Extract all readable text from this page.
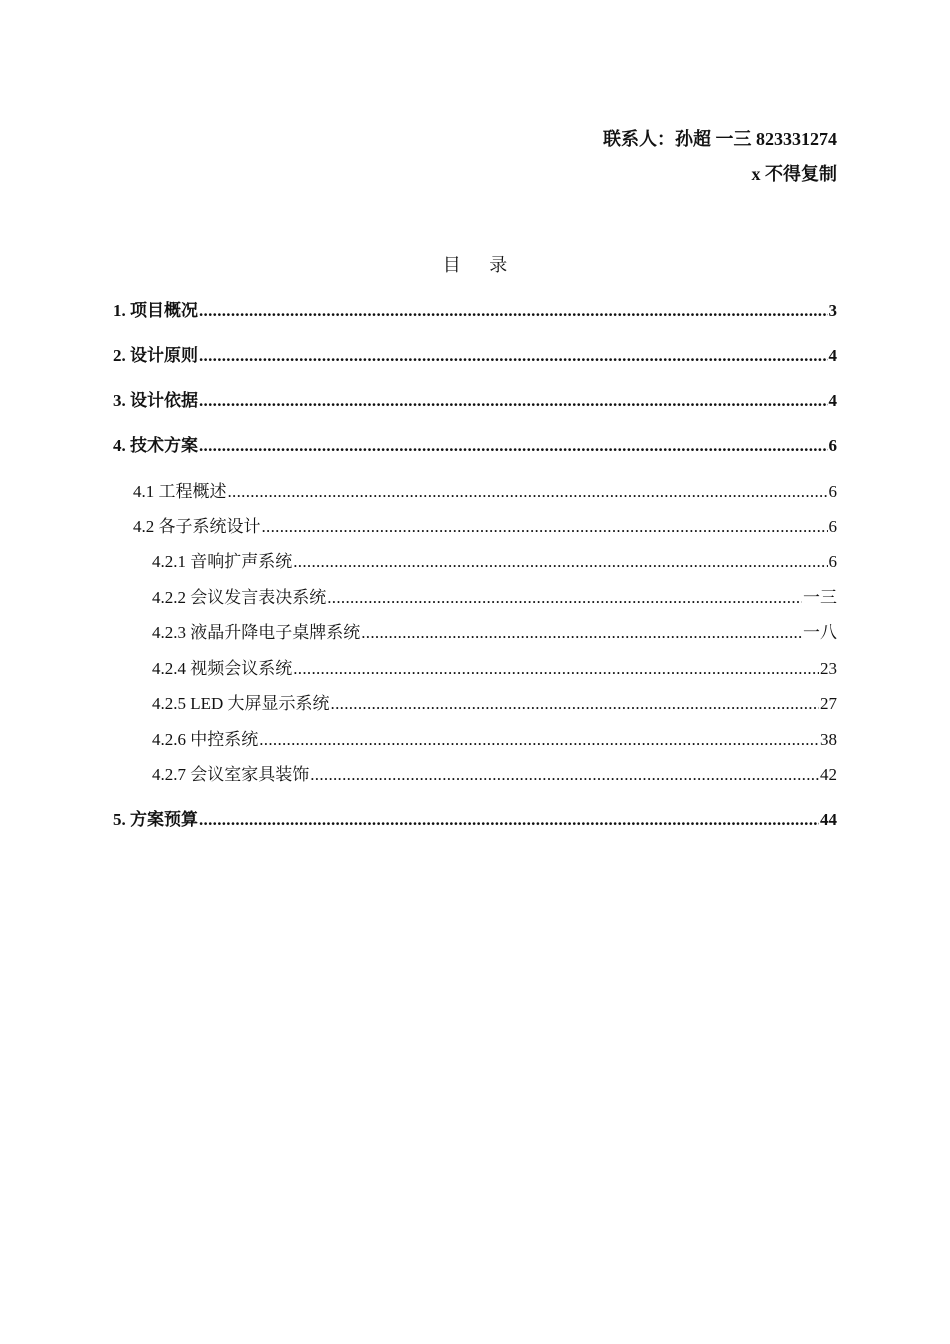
联系人：孙超 一三 823331274
x 不得复制
目 录
1. 项目概况 .....	3
2. 设计原则 .....	4
3. 设计依据 .....	4
4. 技术方案 .....	6
4.1 工程概述 .....	6
4.2 各子系统设计 .....	6
4.2.1 音响扩声系统 .....	6
4.2.2 会议发言表决系统 .....	一三
4.2.3 液晶升降电子桌牌系统 .....	一八
4.2.4 视频会议系统 .....	23
4.2.5 LED 大屏显示系统 .....	27
4.2.6 中控系统 .....	38
4.2.7 会议室家具装饰 .....	42
5. 方案预算 .....	44
